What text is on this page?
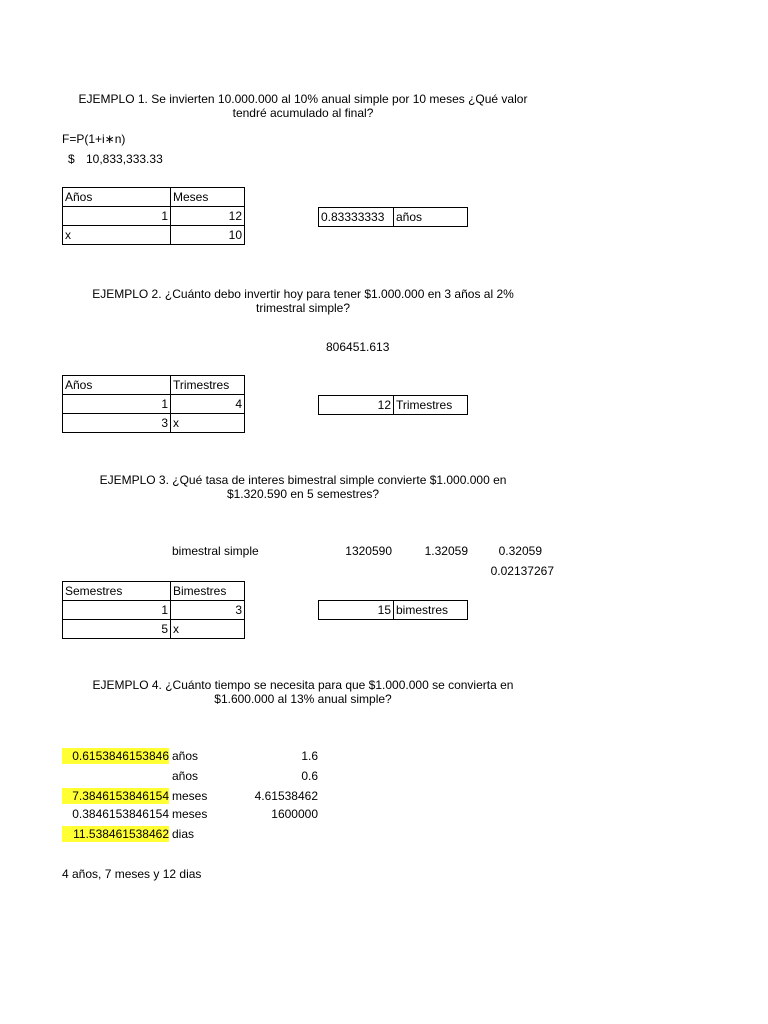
EJEMPLO 1. Se invierten 10.000.000 al 10% anual simple por 10 meses ¿Qué valor
tendré acumulado al final?
F=P(1+i∗n)
$ 10,833,333.33
Años	Meses
1	12
x	10
0.83333333	años
EJEMPLO 2. ¿Cuánto debo invertir hoy para tener $1.000.000 en 3 años al 2%
trimestral simple?
806451.613
Años	Trimestres
1	4
3	x
12	Trimestres
EJEMPLO 3. ¿Qué tasa de interes bimestral simple convierte $1.000.000 en
$1.320.590 en 5 semestres?
bimestral simple	1320590	1.32059	0.32059
0.02137267
Semestres	Bimestres
1	3
5	x
15	bimestres
EJEMPLO 4. ¿Cuánto tiempo se necesita para que $1.000.000 se convierta en
$1.600.000 al 13% anual simple?
0.6153846153846 años	1.6
años	0.6
7.3846153846154 meses	4.61538462
0.3846153846154 meses	1600000
11.538461538462 dias
4 años, 7 meses y 12 dias
